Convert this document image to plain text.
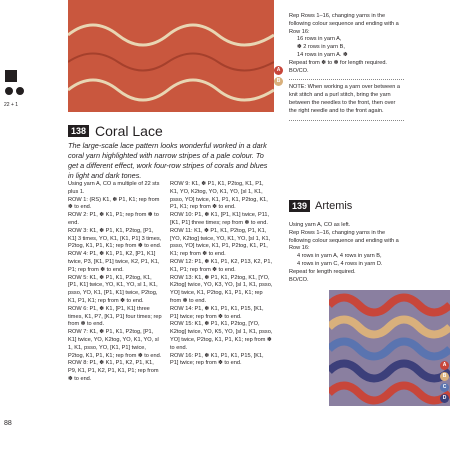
A
B
22 + 1
138 Coral Lace
The large-scale lace pattern looks wonderful worked in a dark coral yarn highlighted with narrow stripes of a pale colour. To get a different effect, work four-row stripes of corals and blues in light and dark tones.

Using yarn A, CO a multiple of 22 sts plus 1.

ROW 1: (RS) K1, ✽ P1, K1; rep from ✽ to end.

ROW 2: P1, ✽ K1, P1; rep from ✽ to end.

ROW 3: K1, ✽ P1, K1, P2tog, [P1, K1] 3 times, YO, K1, [K1, P1] 3 times, P2tog, K1, P1, K1; rep from ✽ to end.

ROW 4: P1, ✽ K1, P1, K2, [P1, K1] twice, P3, [K1, P1] twice, K2, P1, K1, P1; rep from ✽ to end.

ROW 5: K1, ✽ P1, K1, P2tog, K1, [P1, K1] twice, YO, K1, YO, sl 1, K1, psso, YO, K1, [P1, K1] twice, P2tog, K1, P1, K1; rep from ✽ to end.

ROW 6: P1, ✽ K1, [P1, K1] three times, K1, P7, [K1, P1] four times; rep from ✽ to end.

ROW 7: K1, ✽ P1, K1, P2tog, [P1, K1] twice, YO, K2tog, YO, K1, YO, sl 1, K1, psso, YO, [K1, P1] twice, P2tog, K1, P1, K1; rep from ✽ to end.

ROW 8: P1, ✽ K1, P1, K2, P1, K1, P9, K1, P1, K2, P1, K1, P1; rep from ✽ to end.

ROW 9: K1, ✽ P1, K1, P2tog, K1, P1, K1, YO, K2tog, YO, K1, YO, [sl 1, K1, psso, YO] twice, K1, P1, K1, P2tog, K1, P1, K1; rep from ✽ to end.

ROW 10: P1, ✽ K1, [P1, K1] twice, P11, [K1, P1] three times; rep from ✽ to end.

ROW 11: K1, ✽ P1, K1, P2tog, P1, K1, [YO, K2tog] twice, YO, K1, YO, [sl 1, K1, psso, YO] twice, K1, P1, P2tog, K1, P1, K1; rep from ✽ to end.

ROW 12: P1, ✽ K1, P1, K2, P13, K2, P1, K1, P1; rep from ✽ to end.

ROW 13: K1, ✽ P1, K1, P2tog, K1, [YO, K2tog] twice, YO, K3, YO, [sl 1, K1, psso, YO] twice, K1, P2tog, K1, P1, K1; rep from ✽ to end.

ROW 14: P1, ✽ K1, P1, K1, P15, [K1, P1] twice; rep from ✽ to end.

ROW 15: K1, ✽ P1, K1, P2tog, [YO, K2tog] twice, YO, K5, YO, [sl 1, K1, psso, YO] twice, P2tog, K1, P1, K1; rep from ✽ to end.

ROW 16: P1, ✽ K1, P1, K1, P15, [K1, P1] twice; rep from ✽ to end.

Rep Rows 1–16, changing yarns in the following colour sequence and ending with a Row 16:

16 rows in yarn A,

✽ 2 rows in yarn B,

14 rows in yarn A. ✽

Repeat from ✽ to ✽ for length required.

BO/CO.

NOTE: When working a yarn over between a knit stitch and a purl stitch, bring the yarn between the needles to the front, then over the right needle and to the front again.

139 Artemis

Using yarn A, CO as left.

Rep Rows 1–16, changing yarns in the following colour sequence and ending with a Row 16:

4 rows in yarn A, 4 rows in yarn B,

4 rows in yarn C, 4 rows in yarn D.

Repeat for length required.

BO/CO.

A
B
C
D
88
